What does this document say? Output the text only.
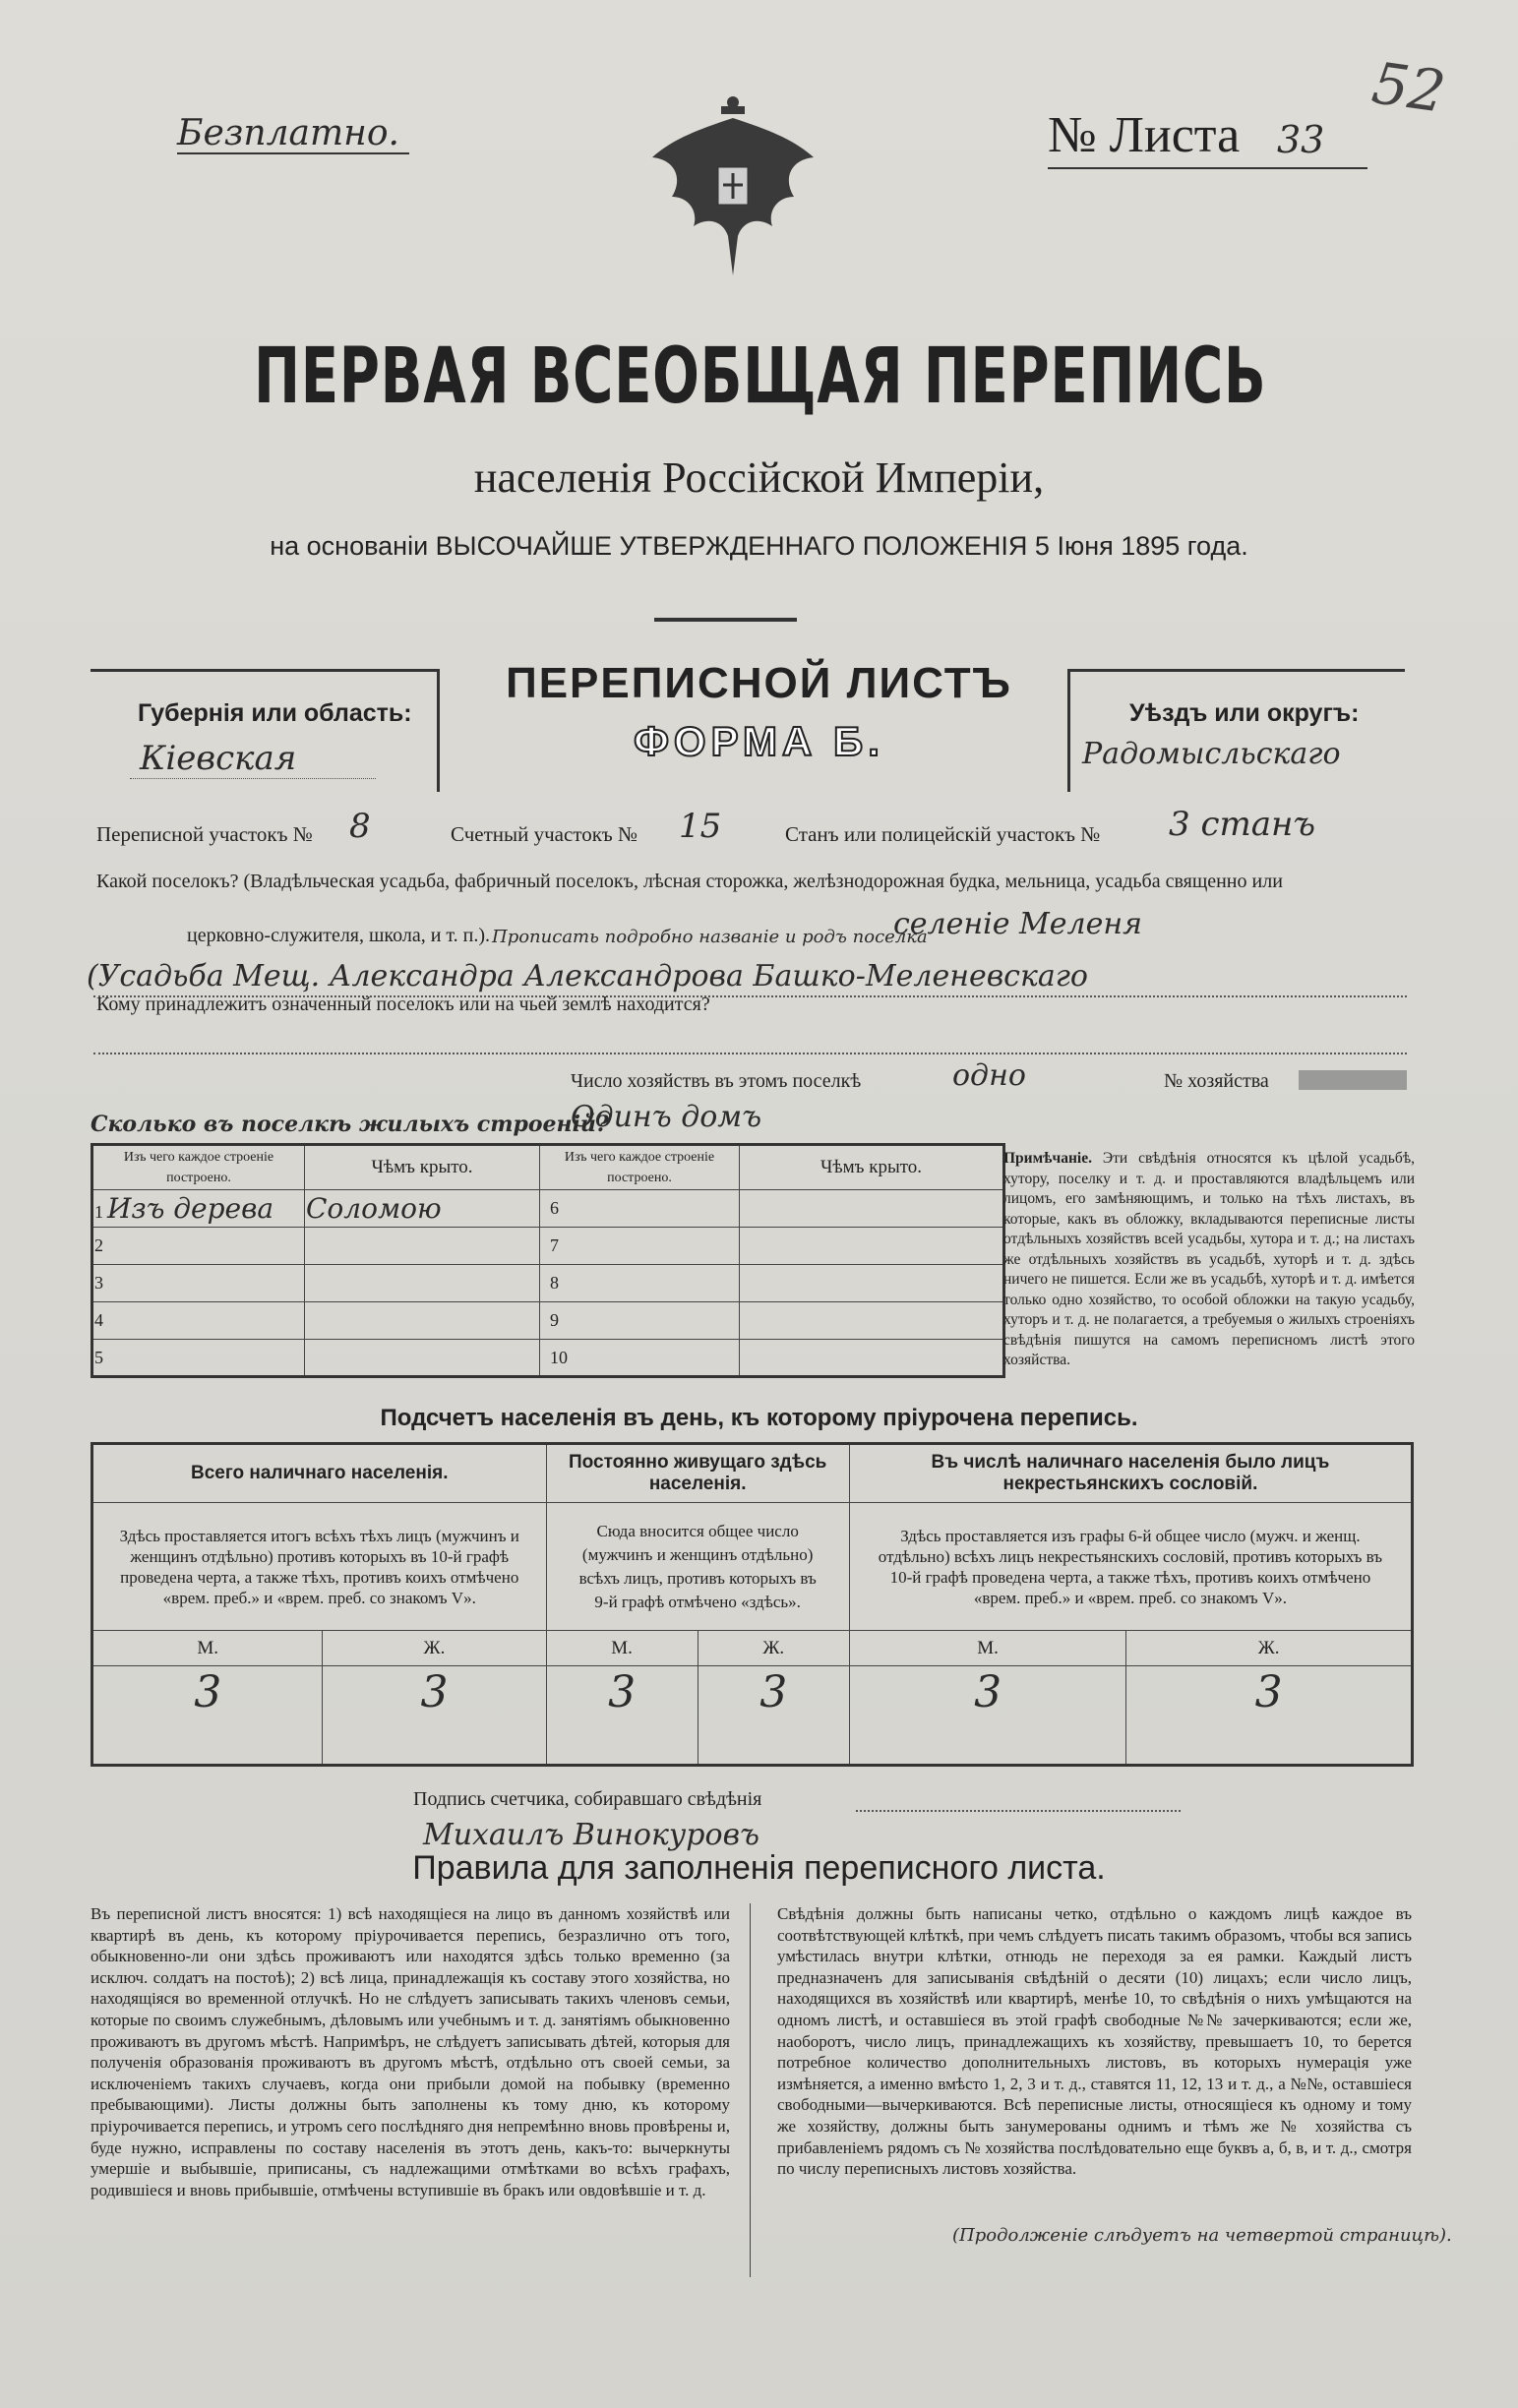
Безплатно.	№ Листа 33
52
ПЕРВАЯ ВСЕОБЩАЯ ПЕРЕПИСЬ
населенія Россійской Имперіи,
на основаніи ВЫСОЧАЙШЕ УТВЕРЖДЕННАГО ПОЛОЖЕНІЯ 5 Іюня 1895 года.
Губернія или область:
Кіевская
ПЕРЕПИСНОЙ ЛИСТЪ
ФОРМА Б.
Уѣздъ или округъ:
Радомысльскаго
Переписной участокъ № 8	Счетный участокъ № 15	Станъ или полицейскій участокъ № 3 станъ
Какой поселокъ? (Владѣльческая усадьба, фабричный поселокъ, лѣсная сторожка, желѣзнодорожная будка, мельница, усадьба священно или
церковно-служителя, школа, и т. п.). Прописать подробно названіе и родъ поселка
селеніе Меленя
(Усадьба Мещ. Александра Александрова Башко-Меленевскаго
Кому принадлежитъ означенный поселокъ или на чьей землѣ находится?
Число хозяйствъ въ этомъ поселкѣ	одно	№ хозяйства
Сколько въ поселкѣ жилыхъ строеній?
Одинъ домъ
Изъ чего каждое строеніе построено.	Чѣмъ крыто.	Изъ чего каждое строеніе построено.	Чѣмъ крыто.
1 Изъ дерева	Соломою	6	
2		7	
3		8	
4		9	
5		10	
Примѣчаніе. Эти свѣдѣнія относятся къ цѣлой усадьбѣ, хутору, поселку и т. д. и проставляются владѣльцемъ или лицомъ, его замѣняющимъ, и только на тѣхъ листахъ, въ которые, какъ въ обложку, вкладываются переписные листы отдѣльныхъ хозяйствъ всей усадьбы, хутора и т. д.; на листахъ же отдѣльныхъ хозяйствъ въ усадьбѣ, хуторѣ и т. д. здѣсь ничего не пишется. Если же въ усадьбѣ, хуторѣ и т. д. имѣется только одно хозяйство, то особой обложки на такую усадьбу, хуторъ и т. д. не полагается, а требуемыя о жилыхъ строеніяхъ свѣдѣнія пишутся на самомъ переписномъ листѣ этого хозяйства.
Подсчетъ населенія въ день, къ которому пріурочена перепись.
Всего наличнаго населенія.		Постоянно живущаго здѣсь населенія.		Въ числѣ наличнаго населенія было лицъ некрестьянскихъ сословій.	
Здѣсь проставляется итогъ всѣхъ тѣхъ лицъ (мужчинъ и женщинъ отдѣльно) противъ которыхъ въ 10-й графѣ проведена черта, а также тѣхъ, противъ коихъ отмѣчено «врем. преб.» и «врем. преб. со знакомъ V».		Сюда вносится общее число (мужчинъ и женщинъ отдѣльно) всѣхъ лицъ, противъ которыхъ въ 9-й графѣ отмѣчено «здѣсь».		Здѣсь проставляется изъ графы 6-й общее число (мужч. и женщ. отдѣльно) всѣхъ лицъ некрестьянскихъ сословій, противъ которыхъ въ 10-й графѣ проведена черта, а также тѣхъ, противъ коихъ отмѣчено «врем. преб.» и «врем. преб. со знакомъ V».	
М.	Ж.	М.	Ж.	М.	Ж.
3	3	3	3	3	3
Подпись счетчика, собиравшаго свѣдѣнія
Михаилъ Винокуровъ
Правила для заполненія переписного листа.
Въ переписной листъ вносятся: 1) всѣ находящіеся на лицо въ данномъ хозяйствѣ или квартирѣ въ день, къ которому пріурочивается перепись, безразлично отъ того, обыкновенно-ли они здѣсь проживаютъ или находятся здѣсь только временно (за исключ. солдатъ на постоѣ); 2) всѣ лица, принадлежащія къ составу этого хозяйства, но находящіяся во временной отлучкѣ. Но не слѣдуетъ записывать такихъ членовъ семьи, которые по своимъ служебнымъ, дѣловымъ или учебнымъ и т. д. занятіямъ обыкновенно проживаютъ въ другомъ мѣстѣ. Напримѣръ, не слѣдуетъ записывать дѣтей, которыя для полученія образованія проживаютъ въ другомъ мѣстѣ, отдѣльно отъ своей семьи, за исключеніемъ такихъ случаевъ, когда они прибыли домой на побывку (временно пребывающими). Листы должны быть заполнены къ тому дню, къ которому пріурочивается перепись, и утромъ сего послѣдняго дня непремѣнно вновь провѣрены и, буде нужно, исправлены по составу населенія въ этотъ день, какъ-то: вычеркнуты умершіе и выбывшіе, приписаны, съ надлежащими отмѣтками во всѣхъ графахъ, родившіеся и вновь прибывшіе, отмѣчены вступившіе въ бракъ или овдовѣвшіе и т. д.
Свѣдѣнія должны быть написаны четко, отдѣльно о каждомъ лицѣ каждое въ соотвѣтствующей клѣткѣ, при чемъ слѣдуетъ писать такимъ образомъ, чтобы вся запись умѣстилась внутри клѣтки, отнюдь не переходя за ея рамки. Каждый листъ предназначенъ для записыванія свѣдѣній о десяти (10) лицахъ; если число лицъ, находящихся въ хозяйствѣ или квартирѣ, менѣе 10, то свѣдѣнія о нихъ умѣщаются на одномъ листѣ, и оставшіеся въ этой графѣ свободные №№ зачеркиваются; если же, наоборотъ, число лицъ, принадлежащихъ къ хозяйству, превышаетъ 10, то берется потребное количество дополнительныхъ листовъ, въ которыхъ нумерація уже измѣняется, а именно вмѣсто 1, 2, 3 и т. д., ставятся 11, 12, 13 и т. д., а №№, оставшіеся свободными—вычеркиваются. Всѣ переписные листы, относящіеся къ одному и тому же хозяйству, должны быть занумерованы однимъ и тѣмъ же № хозяйства съ прибавленіемъ рядомъ съ № хозяйства послѣдовательно еще буквъ а, б, в, и т. д., смотря по числу переписныхъ листовъ хозяйства.
(Продолженіе слѣдуетъ на четвертой страницѣ).
